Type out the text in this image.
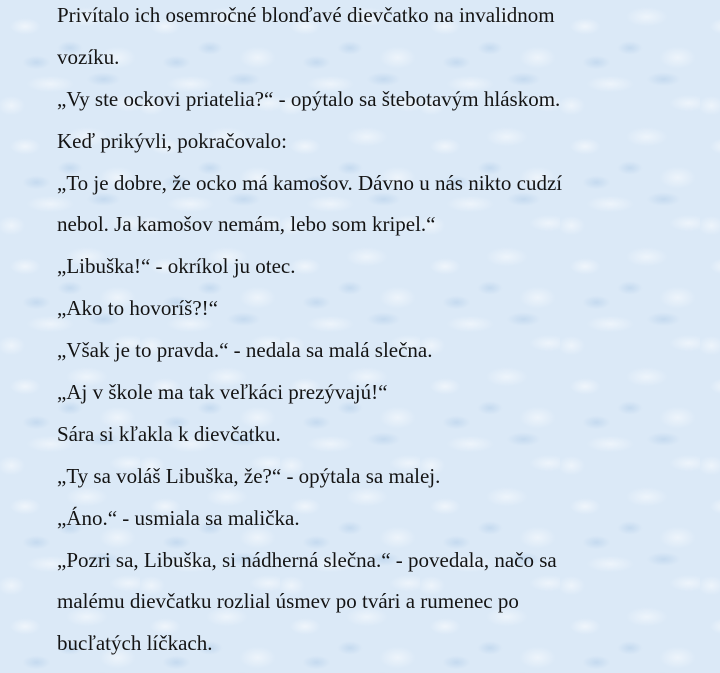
Privítalo ich osemročné blonďavé dievčatko na invalidnom
vozíku.
„Vy ste ockovi priatelia?“ - opýtalo sa štebotavým hláskom.
Keď prikývli, pokračovalo:
„To je dobre, že ocko má kamošov. Dávno u nás nikto cudzí
nebol. Ja kamošov nemám, lebo som kripel.“
„Libuška!“ - okríkol ju otec.
„Ako to hovoríš?!“
„Však je to pravda.“ - nedala sa malá slečna.
„Aj v škole ma tak veľkáci prezývajú!“
Sára si kľakla k dievčatku.
„Ty sa voláš Libuška, že?“ - opýtala sa malej.
„Áno.“ - usmiala sa malička.
„Pozri sa, Libuška, si nádherná slečna.“ - povedala, načo sa
malému dievčatku rozlial úsmev po tvári a rumenec po
bucľatých líčkach.
